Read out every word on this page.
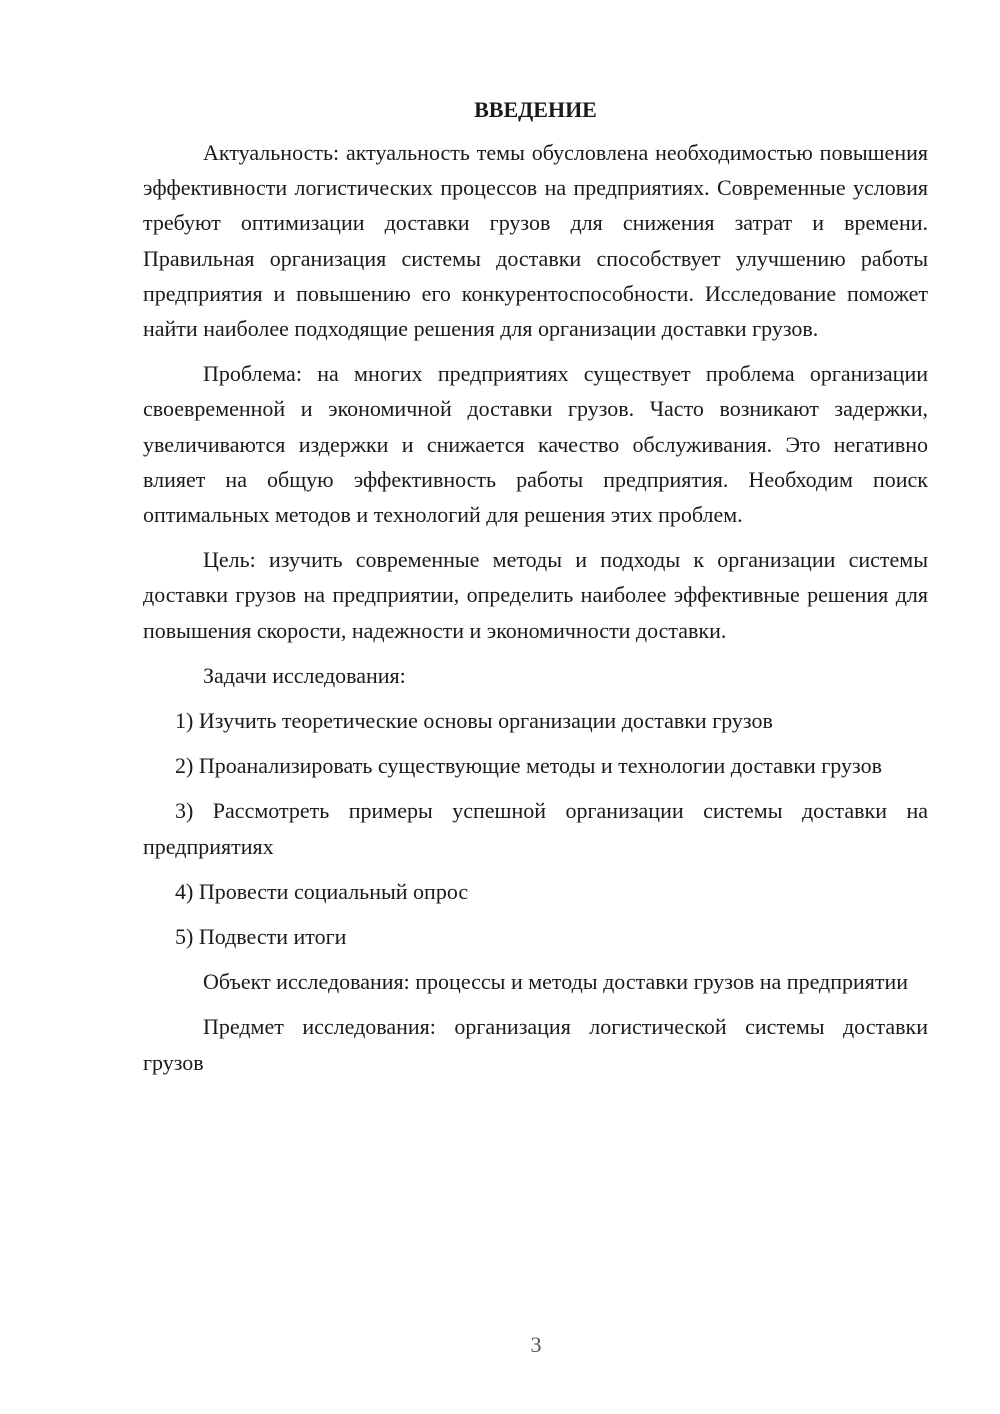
ВВЕДЕНИЕ

Актуальность: актуальность темы обусловлена необходимостью повышения эффективности логистических процессов на предприятиях. Современные условия требуют оптимизации доставки грузов для снижения затрат и времени. Правильная организация системы доставки способствует улучшению работы предприятия и повышению его конкурентоспособности. Исследование поможет найти наиболее подходящие решения для организации доставки грузов.

Проблема: на многих предприятиях существует проблема организации своевременной и экономичной доставки грузов. Часто возникают задержки, увеличиваются издержки и снижается качество обслуживания. Это негативно влияет на общую эффективность работы предприятия. Необходим поиск оптимальных методов и технологий для решения этих проблем.

Цель: изучить современные методы и подходы к организации системы доставки грузов на предприятии, определить наиболее эффективные решения для повышения скорости, надежности и экономичности доставки.

Задачи исследования:

1) Изучить теоретические основы организации доставки грузов

2) Проанализировать существующие методы и технологии доставки грузов

3) Рассмотреть примеры успешной организации системы доставки на предприятиях

4) Провести социальный опрос

5) Подвести итоги

Объект исследования: процессы и методы доставки грузов на предприятии

Предмет исследования: организация логистической системы доставки грузов

3
